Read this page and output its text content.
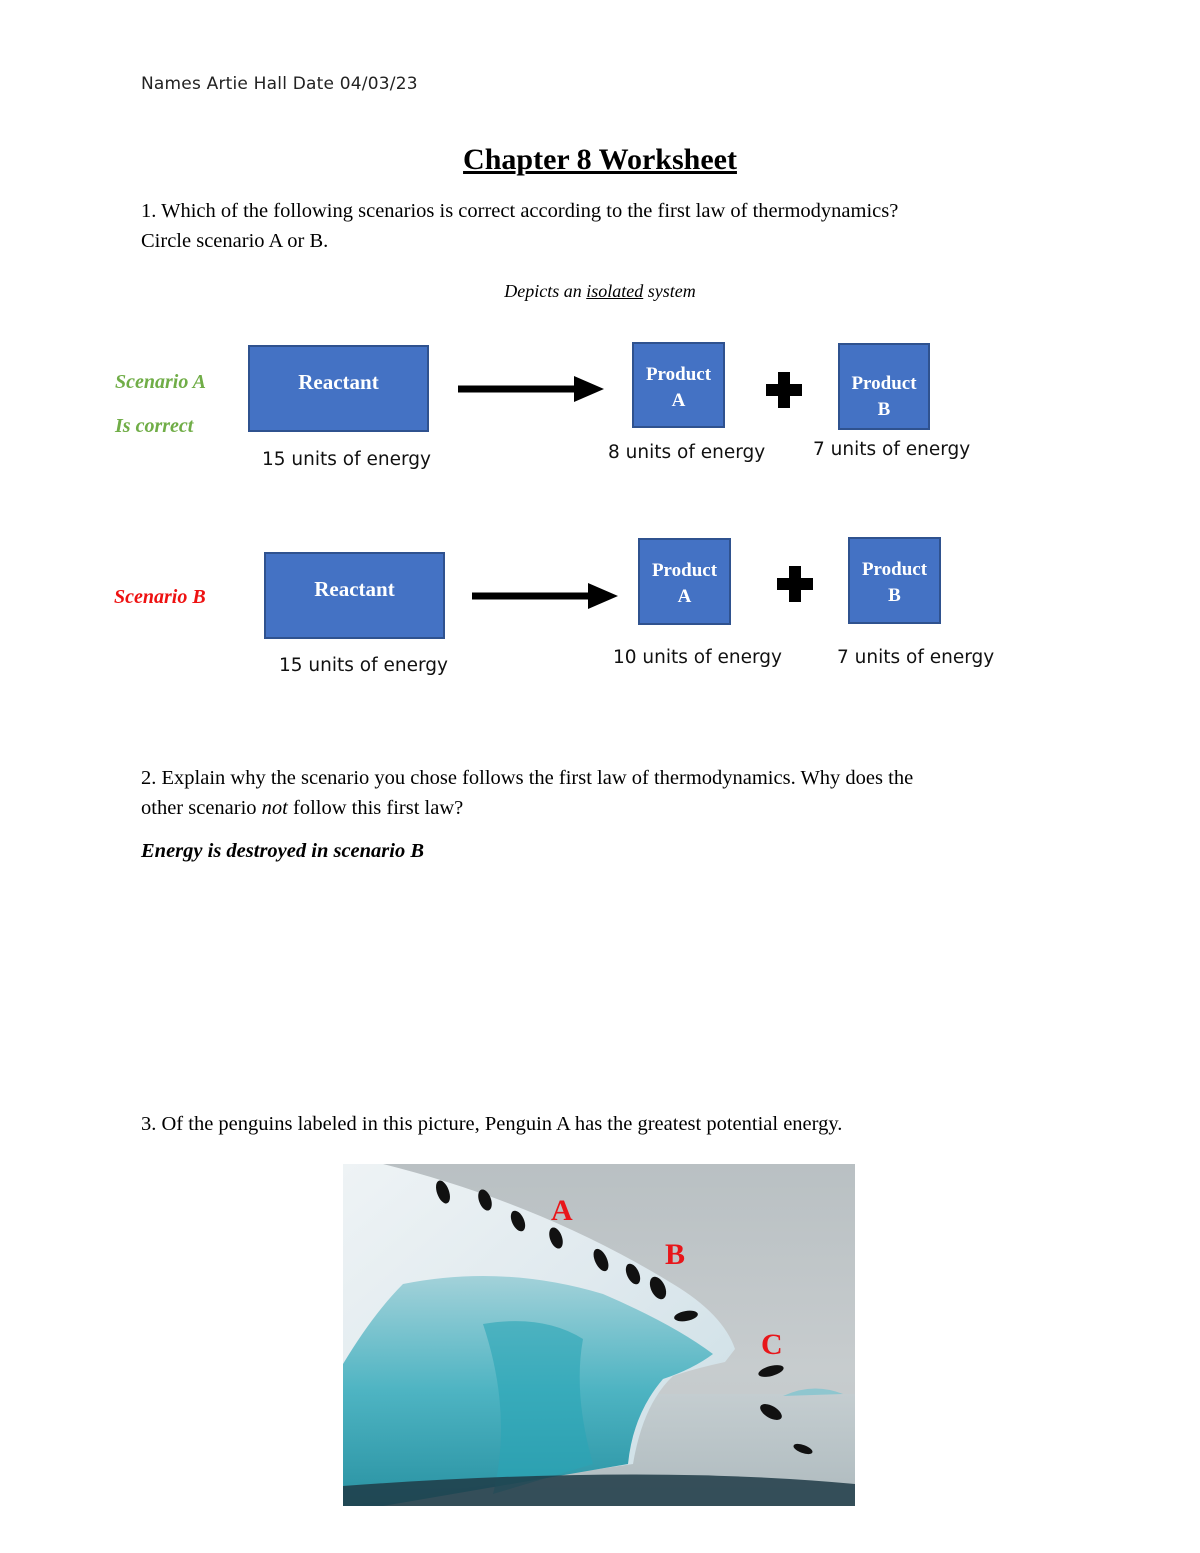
Names Artie Hall Date 04/03/23
Chapter 8 Worksheet
1. Which of the following scenarios is correct according to the first law of thermodynamics?
Circle scenario A or B.
Depicts an isolated system
Scenario A
Is correct
Reactant
15 units of energy
Product
A
8 units of energy
Product
B
7 units of energy
Scenario B	Reactant
15 units of energy
Product
A
10 units of energy
Product
B
7 units of energy
2. Explain why the scenario you chose follows the first law of thermodynamics. Why does the
other scenario not follow this first law?
Energy is destroyed in scenario B
3. Of the penguins labeled in this picture, Penguin A has the greatest potential energy.
A
B
C
